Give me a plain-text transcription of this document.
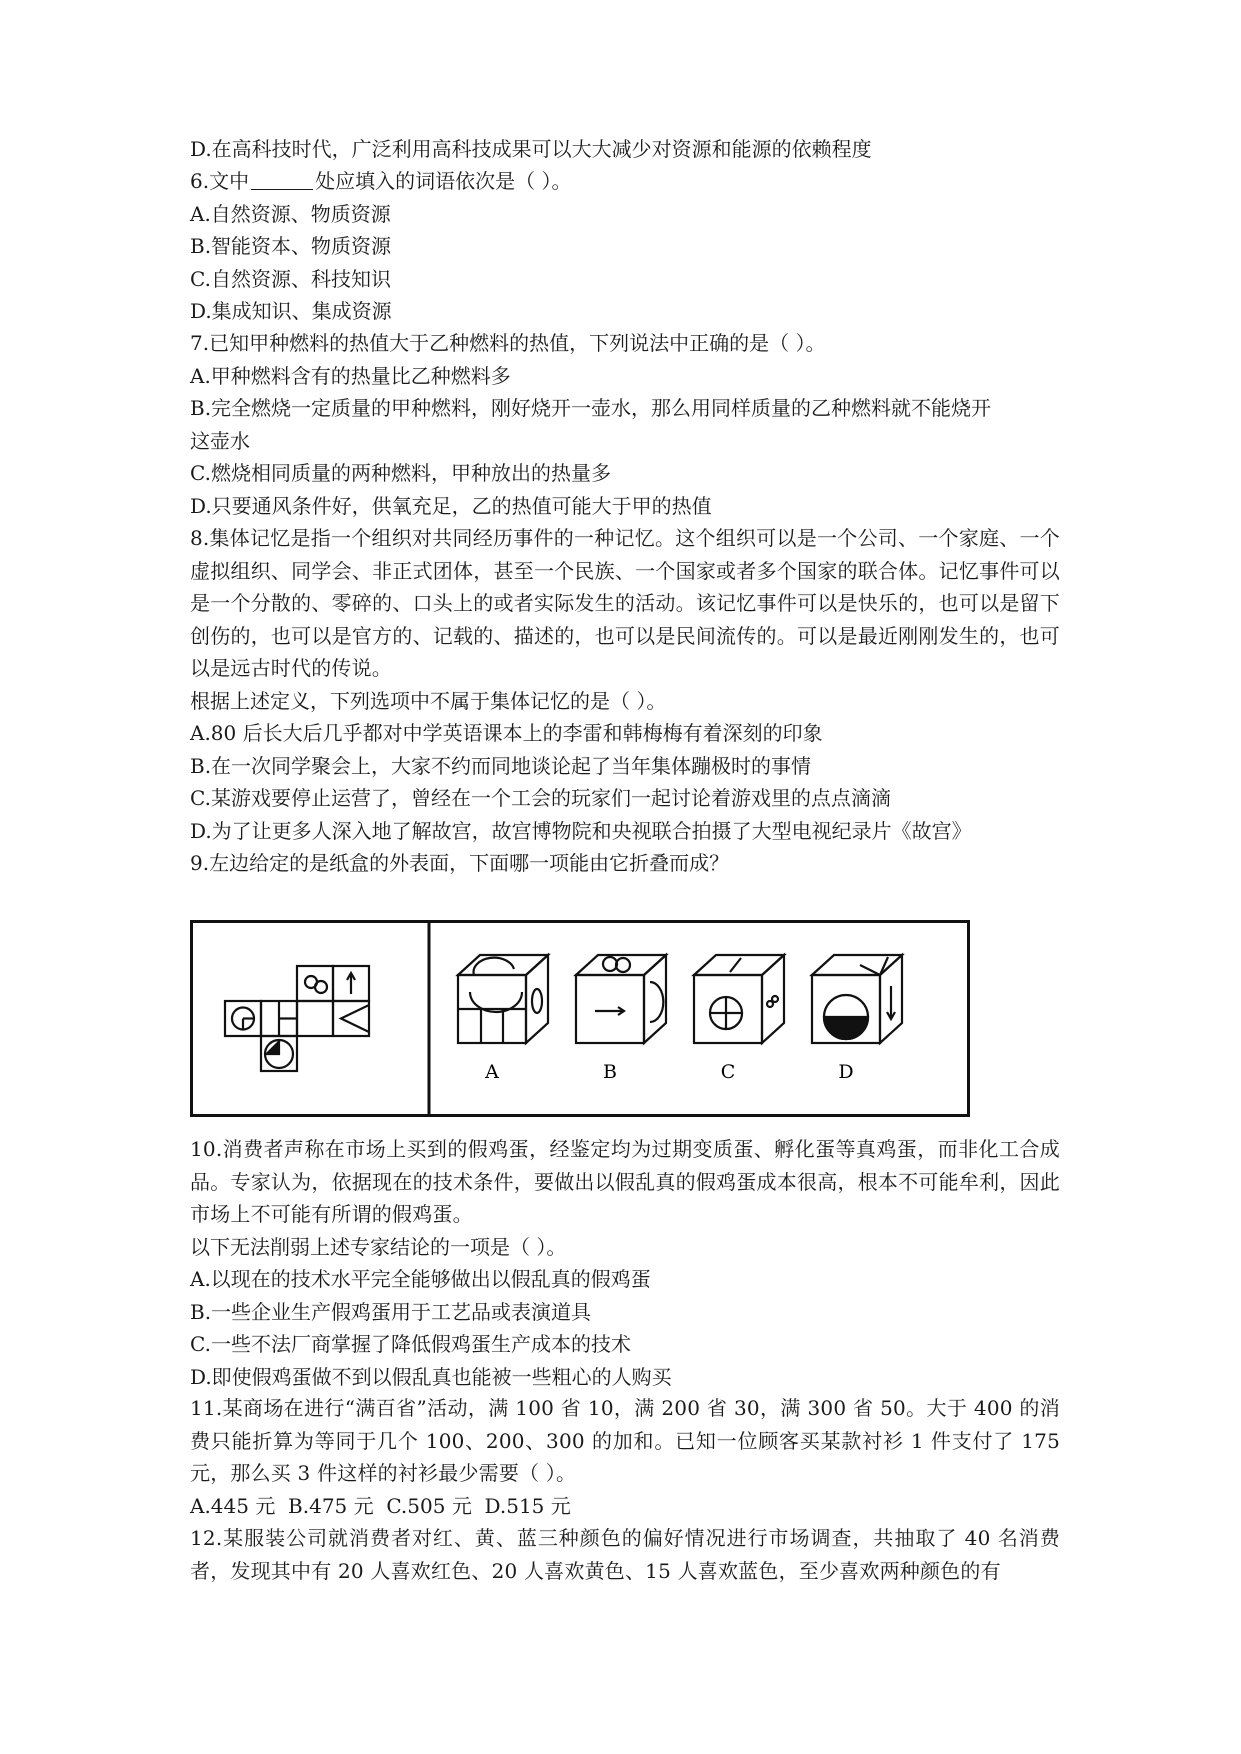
D.在高科技时代，广泛利用高科技成果可以大大减少对资源和能源的依赖程度
6.文中	处应填入的词语依次是（ ）。
A.自然资源、物质资源
B.智能资本、物质资源
C.自然资源、科技知识
D.集成知识、集成资源
7.已知甲种燃料的热值大于乙种燃料的热值，下列说法中正确的是（ ）。
A.甲种燃料含有的热量比乙种燃料多
B.完全燃烧一定质量的甲种燃料，刚好烧开一壶水，那么用同样质量的乙种燃料就不能烧开
这壶水
C.燃烧相同质量的两种燃料，甲种放出的热量多
D.只要通风条件好，供氧充足，乙的热值可能大于甲的热值
8.集体记忆是指一个组织对共同经历事件的一种记忆。这个组织可以是一个公司、一个家庭、一个虚拟组织、同学会、非正式团体，甚至一个民族、一个国家或者多个国家的联合体。记忆事件可以是一个分散的、零碎的、口头上的或者实际发生的活动。该记忆事件可以是快乐的，也可以是留下创伤的，也可以是官方的、记载的、描述的，也可以是民间流传的。可以是最近刚刚发生的，也可以是远古时代的传说。
根据上述定义，下列选项中不属于集体记忆的是（ ）。
A.80 后长大后几乎都对中学英语课本上的李雷和韩梅梅有着深刻的印象
B.在一次同学聚会上，大家不约而同地谈论起了当年集体蹦极时的事情
C.某游戏要停止运营了，曾经在一个工会的玩家们一起讨论着游戏里的点点滴滴
D.为了让更多人深入地了解故宫，故宫博物院和央视联合拍摄了大型电视纪录片《故宫》
9.左边给定的是纸盒的外表面，下面哪一项能由它折叠而成？
A	B	C	D
10.消费者声称在市场上买到的假鸡蛋，经鉴定均为过期变质蛋、孵化蛋等真鸡蛋，而非化工合成品。专家认为，依据现在的技术条件，要做出以假乱真的假鸡蛋成本很高，根本不可能牟利，因此市场上不可能有所谓的假鸡蛋。
以下无法削弱上述专家结论的一项是（ ）。
A.以现在的技术水平完全能够做出以假乱真的假鸡蛋
B.一些企业生产假鸡蛋用于工艺品或表演道具
C.一些不法厂商掌握了降低假鸡蛋生产成本的技术
D.即使假鸡蛋做不到以假乱真也能被一些粗心的人购买
11.某商场在进行“满百省”活动，满 100 省 10，满 200 省 30，满 300 省 50。大于 400 的消费只能折算为等同于几个 100、200、300 的加和。已知一位顾客买某款衬衫 1 件支付了 175 元，那么买 3 件这样的衬衫最少需要（ ）。
A.445 元  B.475 元  C.505 元  D.515 元
12.某服装公司就消费者对红、黄、蓝三种颜色的偏好情况进行市场调查，共抽取了 40 名消费者，发现其中有 20 人喜欢红色、20 人喜欢黄色、15 人喜欢蓝色，至少喜欢两种颜色的有
